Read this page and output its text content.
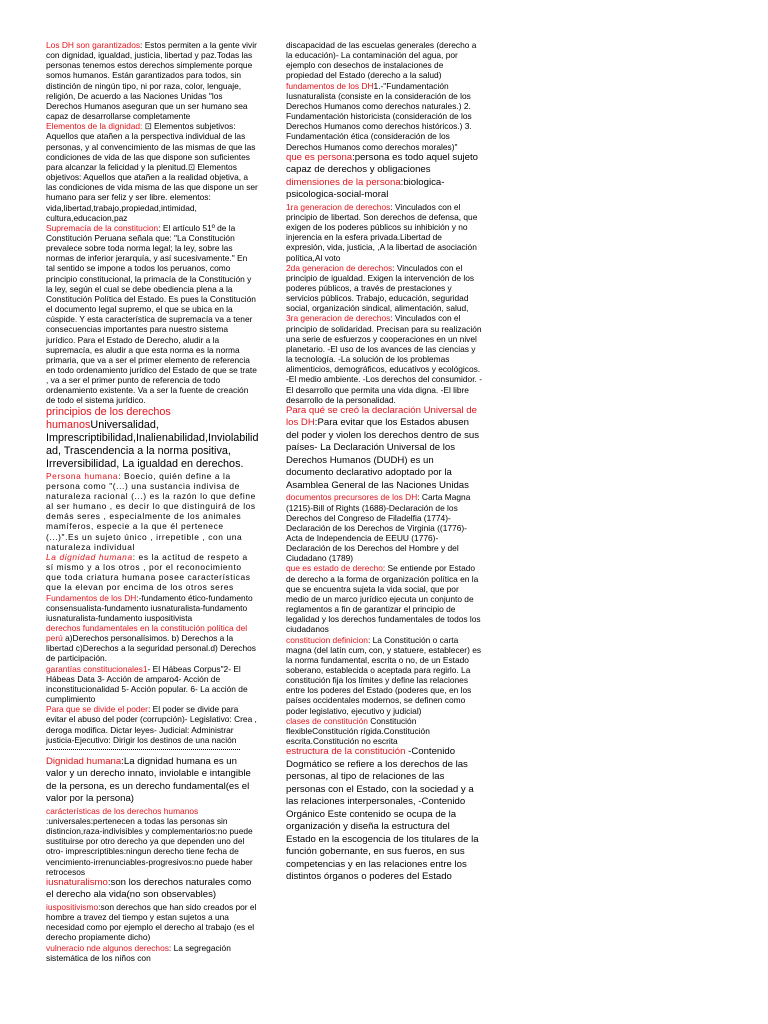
Los DH son garantizados: Estos permiten a la gente vivir con dignidad, igualdad, justicia, libertad y paz.Todas las personas tenemos estos derechos simplemente porque somos humanos. Están garantizados para todos, sin distinción de ningún tipo, ni por raza, color, lenguaje, religión, De acuerdo a las Naciones Unidas "los Derechos Humanos aseguran que un ser humano sea capaz de desarrollarse completamente

Elementos de la dignidad: ⊡ Elementos subjetivos: Aquellos que atañen a la perspectiva individual de las personas, y al convencimiento de las mismas de que las condiciones de vida de las que dispone son suficientes para alcanzar la felicidad y la plenitud.⊡ Elementos objetivos: Aquellos que atañen a la realidad objetiva, a las condiciones de vida misma de las que dispone un ser humano para ser feliz y ser libre. elementos: vida,libertad,trabajo,propiedad,intimidad, cultura,educacion,paz

Supremacía de la constitucion: El artículo 51º de la Constitución Peruana señala que: "La Constitución prevalece sobre toda norma legal; la ley, sobre las normas de inferior jerarquía, y así sucesivamente." En tal sentido se impone a todos los peruanos, como principio constitucional, la primacía de la Constitución y la ley, según el cual se debe obediencia plena a la Constitución Política del Estado. Es pues la Constitución el documento legal supremo, el que se ubica en la cúspide. Y esta característica de supremacía va a tener consecuencias importantes para nuestro sistema jurídico. Para el Estado de Derecho, aludir a la supremacía, es aludir a que esta norma es la norma primaria, que va a ser el primer elemento de referencia en todo ordenamiento jurídico del Estado de que se trate , va a ser el primer punto de referencia de todo ordenamiento existente. Va a ser la fuente de creación de todo el sistema jurídico.

principios de los derechos humanosUniversalidad, Imprescriptibilidad,Inalienabilidad,Inviolabilid ad, Trascendencia a la norma positiva, Irreversibilidad, La igualdad en derechos.

Persona humana: Boecio, quién define a la persona como "(...) una sustancia indivisa de naturaleza racional (...) es la razón lo que define al ser humano , es decir lo que distinguirá de los demás seres , especialmente de los animales mamíferos, especie a la que él pertenece (...)".Es un sujeto único , irrepetible , con una naturaleza individual

La dignidad humana: es la actitud de respeto a sí mismo y a los otros , por el reconocimiento que toda criatura humana posee características que la elevan por encima de los otros seres

Fundamentos de los DH:-fundamento ético-fundamento consensualista-fundamento iusnaturalista-fundamento iusnaturalista-fundamento iuspositivista

derechos fundamentales en la constitución política del perú a)Derechos personalísimos. b) Derechos a la libertad c)Derechos a la seguridad personal.d) Derechos de participación.

garantías constitucionales1- El Hábeas Corpus"2- El Hábeas Data 3- Acción de amparo4- Acción de inconstitucionalidad 5- Acción popular. 6- La acción de cumplimiento

Para que se divide el poder: El poder se divide para evitar el abuso del poder (corrupción)- Legislativo: Crea , deroga modifica. Dictar leyes- Judicial: Administrar justicia-Ejecutivo: Dirigir los destinos de una nación

Dignidad humana:La dignidad humana es un valor y un derecho innato, inviolable e intangible de la persona, es un derecho fundamental(es el valor por la persona)

carácterísticas de los derechos humanos :universales:pertenecen a todas las personas sin distincion,raza-indivisibles y complementarios:no puede sustituirse por otro derecho ya que dependen uno del otro- imprescriptibles:ningun derecho tiene fecha de vencimiento-irrenunciables-progresivos:no puede haber retrocesos

iusnaturalismo:son los derechos naturales como el derecho ala vida(no son observables)

iuspositivismo:son derechos que han sido creados por el hombre a travez del tiempo y estan sujetos a una necesidad como por ejemplo el derecho al trabajo (es el derecho propiamente dicho)

vulneracio nde algunos derechos: La segregación sistemática de los niños con

discapacidad de las escuelas generales (derecho a la educación)- La contaminación del agua, por ejemplo con desechos de instalaciones de propiedad del Estado (derecho a la salud)

fundamentos de los DH1.-"Fundamentación Iusnaturalista (consiste en la consideración de los Derechos Humanos como derechos naturales.) 2. Fundamentación historicista (consideración de los Derechos Humanos como derechos históricos.) 3. Fundamentación ética (consideración de los Derechos Humanos como derechos morales)"

que es persona:persona es todo aquel sujeto capaz de derechos y obligaciones

dimensiones de la persona:biologica-psicologica-social-moral

1ra generacion de derechos: Vinculados con el principio de libertad. Son derechos de defensa, que exigen de los poderes públicos su inhibición y no injerencia en la esfera privada.Libertad de expresión, vida, justicia, ,A la libertad de asociación política,Al voto

2da generacion de derechos: Vinculados con el principio de igualdad. Exigen la intervención de los poderes públicos, a través de prestaciones y servicios públicos. Trabajo, educación, seguridad social, organización sindical, alimentación, salud,

3ra generacion de derechos: Vinculados con el principio de solidaridad. Precisan para su realización una serie de esfuerzos y cooperaciones en un nivel planetario. -El uso de los avances de las ciencias y la tecnología. -La solución de los problemas alimenticios, demográficos, educativos y ecológicos. -El medio ambiente. -Los derechos del consumidor. -El desarrollo que permita una vida digna. -El libre desarrollo de la personalidad.

Para qué se creó la declaración Universal de los DH:Para evitar que los Estados abusen del poder y violen los derechos dentro de sus países- La Declaración Universal de los Derechos Humanos (DUDH) es un documento declarativo adoptado por la Asamblea General de las Naciones Unidas

documentos precursores de los DH: Carta Magna (1215)-Bill of Rights (1688)-Declaración de los Derechos del Congreso de Filadelfia (1774)-Declaración de los Derechos de Virginia ((1776)-Acta de Independencia de EEUU (1776)-Declaración de los Derechos del Hombre y del Ciudadano (1789)

que es estado de derecho: Se entiende por Estado de derecho a la forma de organización política en la que se encuentra sujeta la vida social, que por medio de un marco jurídico ejecuta un conjunto de reglamentos a fin de garantizar el principio de legalidad y los derechos fundamentales de todos los ciudadanos

constitucion definicion: La Constitución o carta magna (del latín cum, con, y statuere, establecer) es la norma fundamental, escrita o no, de un Estado soberano, establecida o aceptada para regirlo. La constitución fija los límites y define las relaciones entre los poderes del Estado (poderes que, en los países occidentales modernos, se definen como poder legislativo, ejecutivo y judicial)

clases de constitución Constitución flexibleConstitución rígida.Constitución escrita.Constitución no escrita

estructura de la constitución -Contenido Dogmático se refiere a los derechos de las personas, al tipo de relaciones de las personas con el Estado, con la sociedad y a las relaciones interpersonales, -Contenido Orgánico Este contenido se ocupa de la organización y diseña la estructura del Estado en la escogencia de los titulares de la función gobernante, en sus fueros, en sus competencias y en las relaciones entre los distintos órganos o poderes del Estado
